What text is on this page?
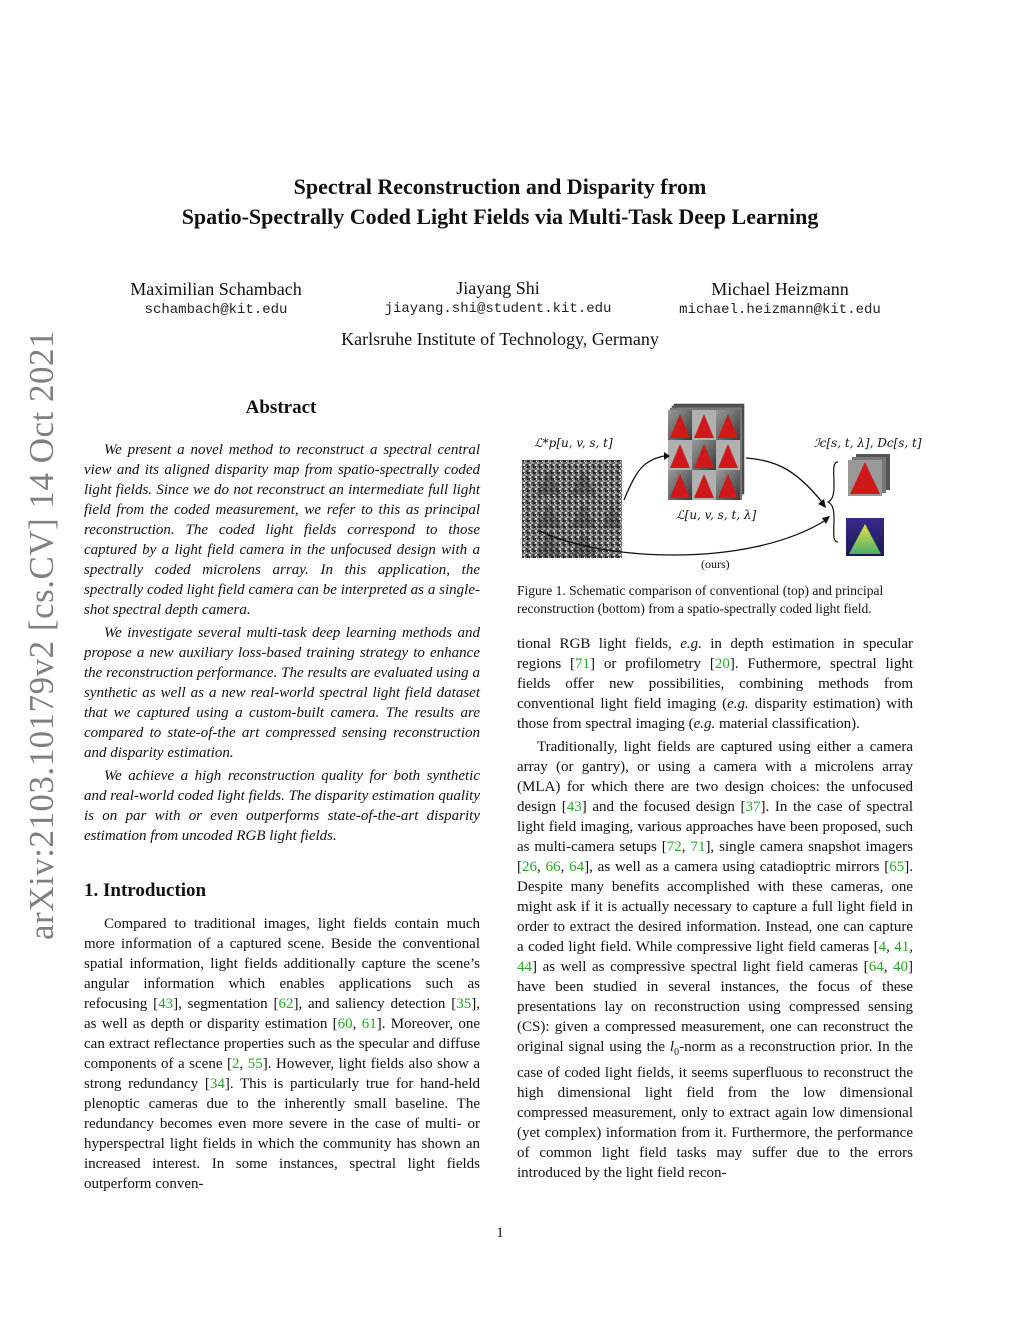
Spectral Reconstruction and Disparity from
Spatio-Spectrally Coded Light Fields via Multi-Task Deep Learning
Maximilian Schambach
schambach@kit.edu
Jiayang Shi
jiayang.shi@student.kit.edu
Michael Heizmann
michael.heizmann@kit.edu
Karlsruhe Institute of Technology, Germany
arXiv:2103.10179v2 [cs.CV] 14 Oct 2021	Abstract

We present a novel method to reconstruct a spectral central view and its aligned disparity map from spatio-spectrally coded light fields. Since we do not reconstruct an intermediate full light field from the coded measurement, we refer to this as principal reconstruction. The coded light fields correspond to those captured by a light field camera in the unfocused design with a spectrally coded microlens array. In this application, the spectrally coded light field camera can be interpreted as a single-shot spectral depth camera.

We investigate several multi-task deep learning methods and propose a new auxiliary loss-based training strategy to enhance the reconstruction performance. The results are evaluated using a synthetic as well as a new real-world spectral light field dataset that we captured using a custom-built camera. The results are compared to state-of-the art compressed sensing reconstruction and disparity estimation.

We achieve a high reconstruction quality for both synthetic and real-world coded light fields. The disparity estimation quality is on par with or even outperforms state-of-the-art disparity estimation from uncoded RGB light fields.

1. Introduction

Compared to traditional images, light fields contain much more information of a captured scene. Beside the conventional spatial information, light fields additionally capture the scene’s angular information which enables applications such as refocusing [43], segmentation [62], and saliency detection [35], as well as depth or disparity estimation [60, 61]. Moreover, one can extract reflectance properties such as the specular and diffuse components of a scene [2, 55]. However, light fields also show a strong redundancy [34]. This is particularly true for hand-held plenoptic cameras due to the inherently small baseline. The redundancy becomes even more severe in the case of multi- or hyperspectral light fields in which the community has shown an increased interest. In some instances, spectral light fields outperform conven-

ℒ*p[u, v, s, t]
ℒ[u, v, s, t, λ]
ℐc[s, t, λ], Dc[s, t]
(ours)
Figure 1. Schematic comparison of conventional (top) and principal reconstruction (bottom) from a spatio-spectrally coded light field.

tional RGB light fields, e.g. in depth estimation in specular regions [71] or profilometry [20]. Futhermore, spectral light fields offer new possibilities, combining methods from conventional light field imaging (e.g. disparity estimation) with those from spectral imaging (e.g. material classification).

Traditionally, light fields are captured using either a camera array (or gantry), or using a camera with a microlens array (MLA) for which there are two design choices: the unfocused design [43] and the focused design [37]. In the case of spectral light field imaging, various approaches have been proposed, such as multi-camera setups [72, 71], single camera snapshot imagers [26, 66, 64], as well as a camera using catadioptric mirrors [65]. Despite many benefits accomplished with these cameras, one might ask if it is actually necessary to capture a full light field in order to extract the desired information. Instead, one can capture a coded light field. While compressive light field cameras [4, 41, 44] as well as compressive spectral light field cameras [64, 40] have been studied in several instances, the focus of these presentations lay on reconstruction using compressed sensing (CS): given a compressed measurement, one can reconstruct the original signal using the $l_0$-norm as a reconstruction prior. In the case of coded light fields, it seems superfluous to reconstruct the high dimensional light field from the low dimensional compressed measurement, only to extract again low dimensional (yet complex) information from it. Furthermore, the performance of common light field tasks may suffer due to the errors introduced by the light field recon-

1
